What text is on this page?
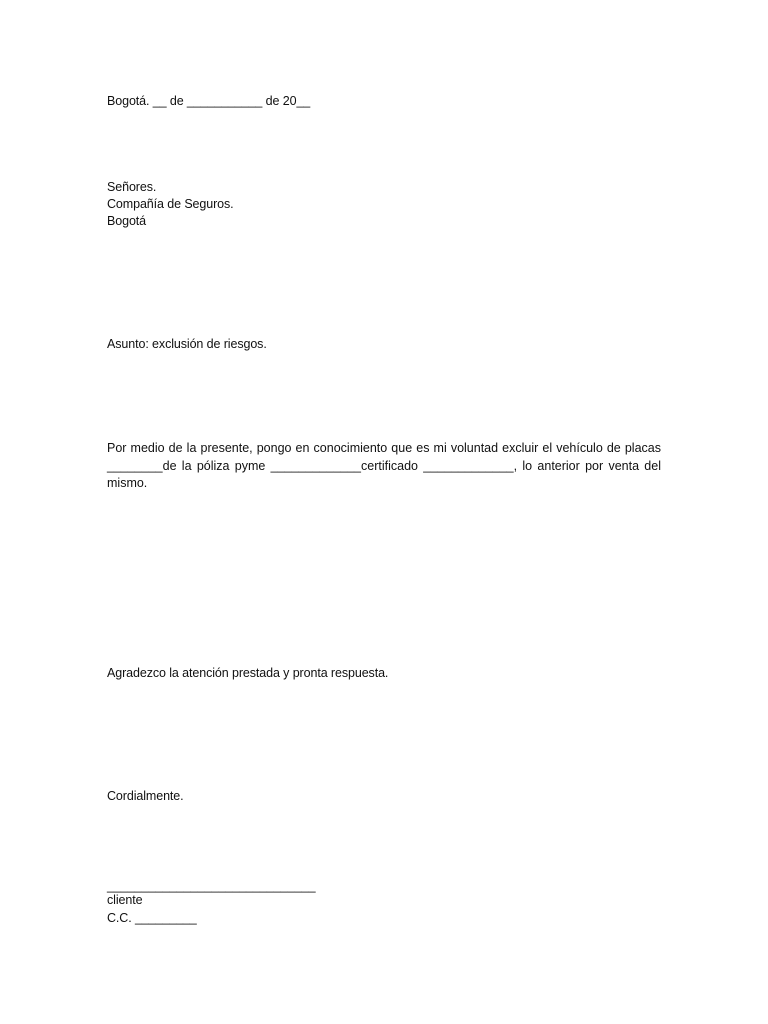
Bogotá. __ de ___________ de 20__
Señores.
Compañía de Seguros.
Bogotá
Asunto: exclusión de riesgos.
Por medio de la presente, pongo en conocimiento que es mi voluntad excluir el vehículo de placas
________de la póliza pyme _____________certificado _____________, lo anterior por venta del
mismo.
Agradezco la atención prestada y pronta respuesta.
Cordialmente.
______________________________
cliente
C.C. _________
